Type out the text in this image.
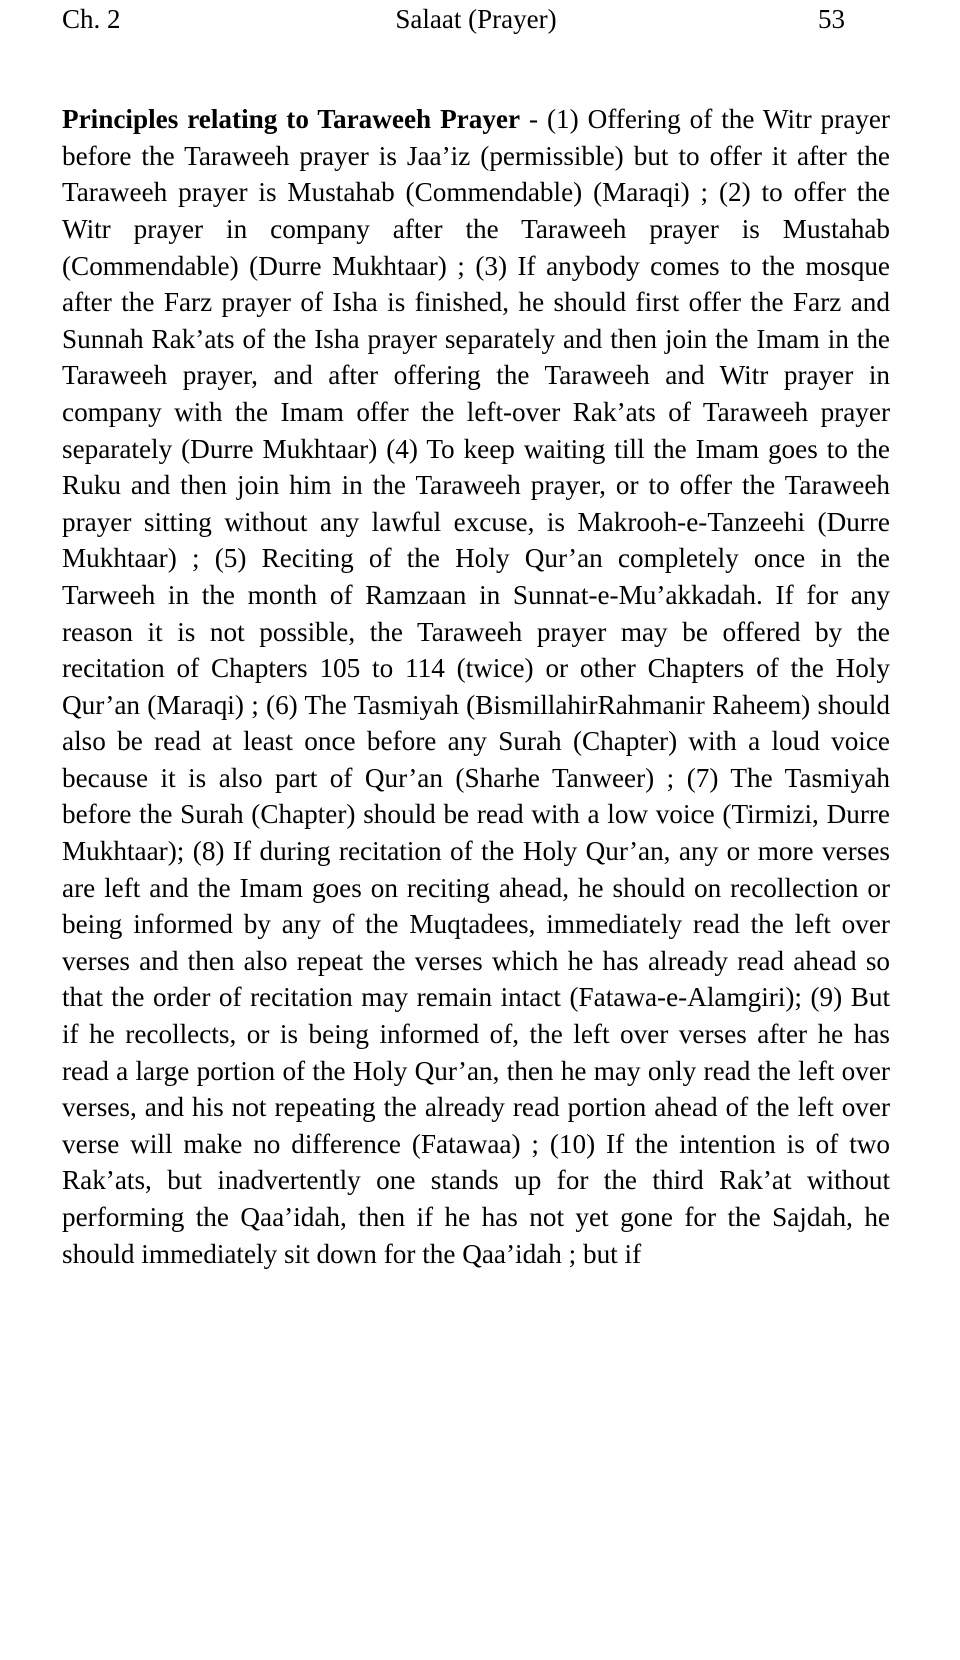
Ch. 2	Salaat (Prayer)	53

Principles relating to Taraweeh Prayer - (1) Offering of the Witr prayer before the Taraweeh prayer is Jaa’iz (permissible) but to offer it after the Taraweeh prayer is Mustahab (Commendable) (Maraqi) ; (2) to offer the Witr prayer in company after the Taraweeh prayer is Mustahab (Commendable) (Durre Mukhtaar) ; (3) If anybody comes to the mosque after the Farz prayer of Isha is finished, he should first offer the Farz and Sunnah Rak’ats of the Isha prayer separately and then join the Imam in the Taraweeh prayer, and after offering the Taraweeh and Witr prayer in company with the Imam offer the left-over Rak’ats of Taraweeh prayer separately (Durre Mukhtaar) (4) To keep waiting till the Imam goes to the Ruku and then join him in the Taraweeh prayer, or to offer the Taraweeh prayer sitting without any lawful excuse, is Makrooh-e-Tanzeehi (Durre Mukhtaar) ; (5) Reciting of the Holy Qur’an completely once in the Tarweeh in the month of Ramzaan in Sunnat-e-Mu’akkadah. If for any reason it is not possible, the Taraweeh prayer may be offered by the recitation of Chapters 105 to 114 (twice) or other Chapters of the Holy Qur’an (Maraqi) ; (6) The Tasmiyah (BismillahirRahmanir Raheem) should also be read at least once before any Surah (Chapter) with a loud voice because it is also part of Qur’an (Sharhe Tanweer) ; (7) The Tasmiyah before the Surah (Chapter) should be read with a low voice (Tirmizi, Durre Mukhtaar); (8) If during recitation of the Holy Qur’an, any or more verses are left and the Imam goes on reciting ahead, he should on recollection or being informed by any of the Muqtadees, immediately read the left over verses and then also repeat the verses which he has already read ahead so that the order of recitation may remain intact (Fatawa-e-Alamgiri); (9) But if he recollects, or is being informed of, the left over verses after he has read a large portion of the Holy Qur’an, then he may only read the left over verses, and his not repeating the already read portion ahead of the left over verse will make no difference (Fatawaa) ; (10) If the intention is of two Rak’ats, but inadvertently one stands up for the third Rak’at without performing the Qaa’idah, then if he has not yet gone for the Sajdah, he should immediately sit down for the Qaa’idah ; but if
